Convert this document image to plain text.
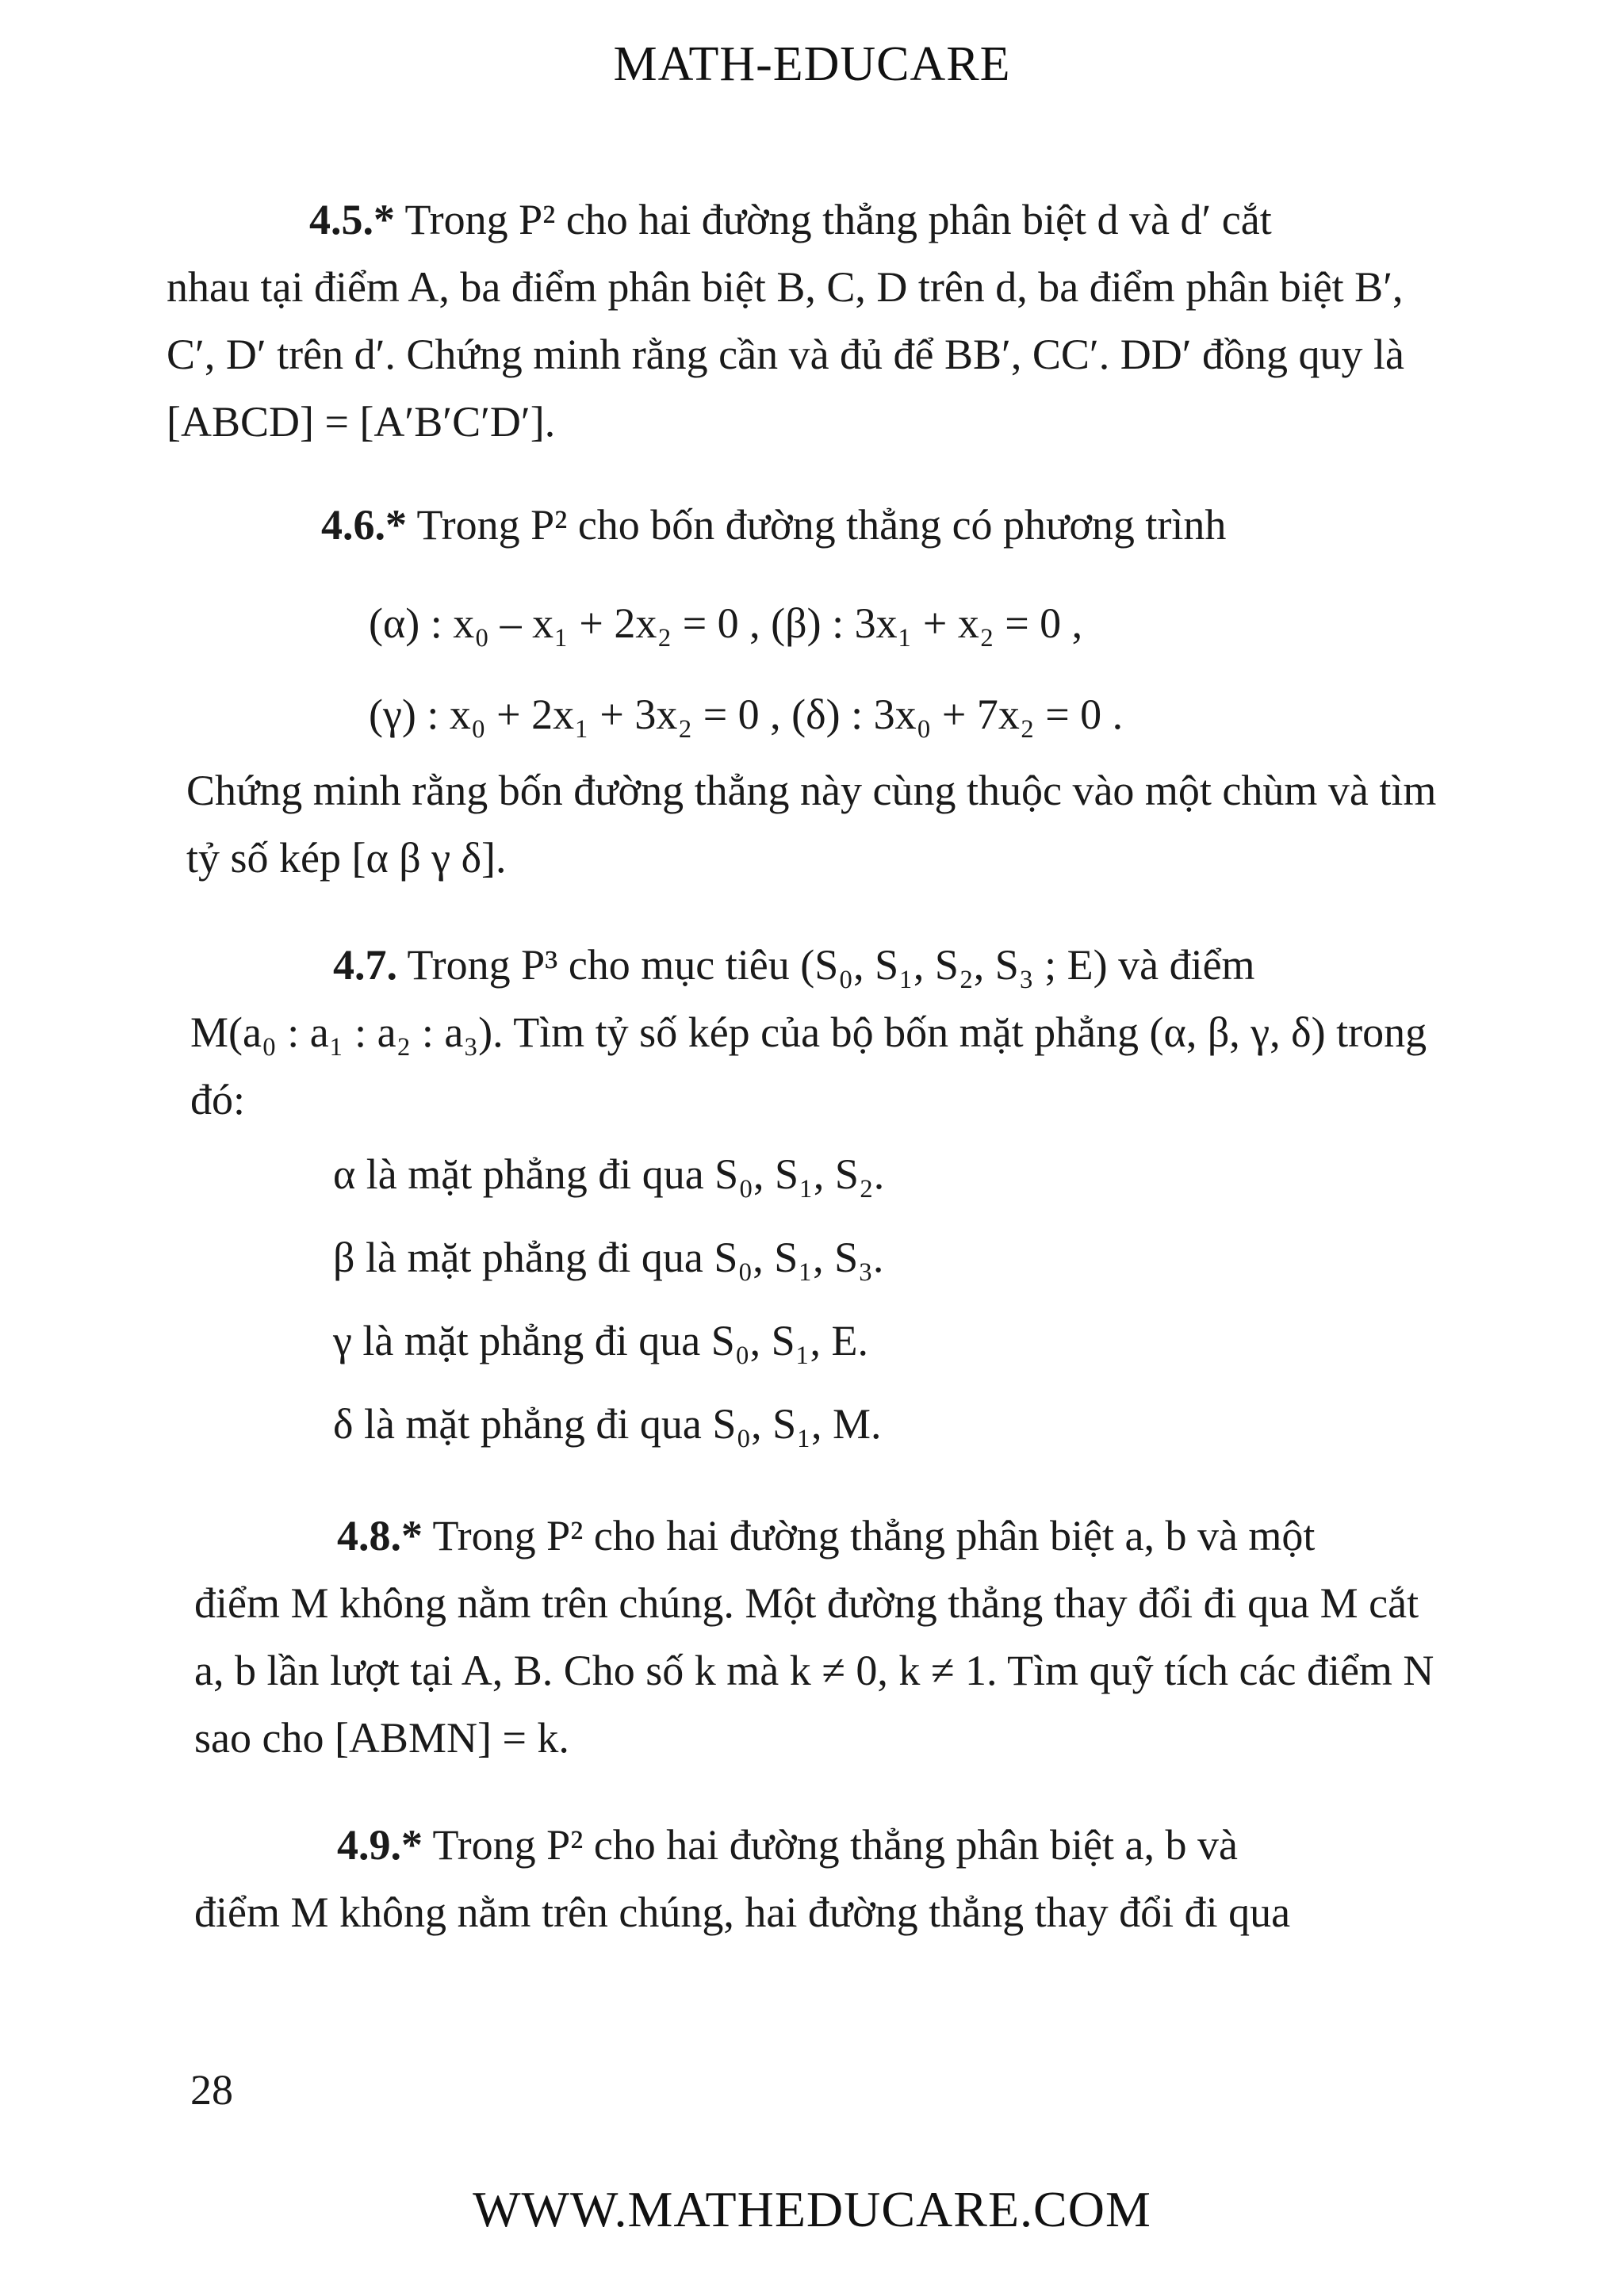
MATH-EDUCARE
4.5.* Trong P² cho hai đường thẳng phân biệt d và d′ cắt
nhau tại điểm A, ba điểm phân biệt B, C, D trên d, ba điểm phân biệt B′, C′, D′ trên d′. Chứng minh rằng cần và đủ để BB′, CC′. DD′ đồng quy là [ABCD] = [A′B′C′D′].
4.6.* Trong P² cho bốn đường thẳng có phương trình
(α) : x₀ – x₁ + 2x₂ = 0 , (β) : 3x₁ + x₂ = 0 ,
(γ) : x₀ + 2x₁ + 3x₂ = 0 , (δ) : 3x₀ + 7x₂ = 0 .
Chứng minh rằng bốn đường thẳng này cùng thuộc vào một chùm và tìm tỷ số kép [α β γ δ].
4.7. Trong P³ cho mục tiêu (S₀, S₁, S₂, S₃ ; E) và điểm
M(a₀ : a₁ : a₂ : a₃). Tìm tỷ số kép của bộ bốn mặt phẳng (α, β, γ, δ) trong đó:
α là mặt phẳng đi qua S₀, S₁, S₂.
β là mặt phẳng đi qua S₀, S₁, S₃.
γ là mặt phẳng đi qua S₀, S₁, E.
δ là mặt phẳng đi qua S₀, S₁, M.
4.8.* Trong P² cho hai đường thẳng phân biệt a, b và một
điểm M không nằm trên chúng. Một đường thẳng thay đổi đi qua M cắt a, b lần lượt tại A, B. Cho số k mà k ≠ 0, k ≠ 1. Tìm quỹ tích các điểm N sao cho [ABMN] = k.
4.9.* Trong P² cho hai đường thẳng phân biệt a, b và
điểm M không nằm trên chúng, hai đường thẳng thay đổi đi qua
28
WWW.MATHEDUCARE.COM
